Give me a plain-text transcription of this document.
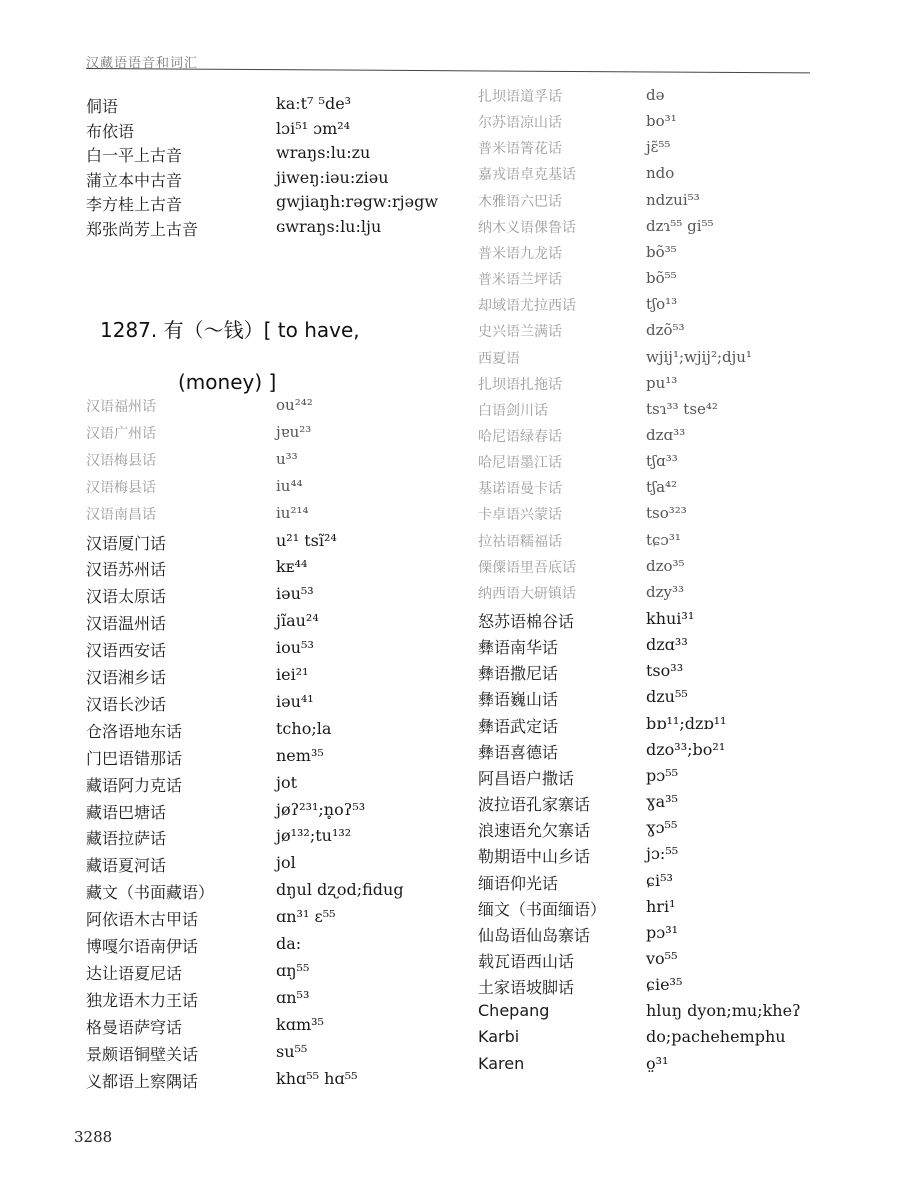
汉藏语语音和词汇
侗语	kaːt⁷ ⁵de³
布依语	lɔi⁵¹ ɔm²⁴
白一平上古音	wraŋs:lu:zu
蒲立本中古音	jiweŋ:iəu:ziəu
李方桂上古音	gwjiaŋh:rəgw:rjəgw
郑张尚芳上古音	ɢwraŋs:lu:lju
汉语福州话	ou²⁴²
汉语广州话	jɐu²³
汉语梅县话	u³³
汉语梅县话	iu⁴⁴
汉语南昌话	iu²¹⁴
汉语厦门话	u²¹ tsĩ²⁴
汉语苏州话	kᴇ⁴⁴
汉语太原话	iəu⁵³
汉语温州话	jĩau²⁴
汉语西安话	iou⁵³
汉语湘乡话	iei²¹
汉语长沙话	iəu⁴¹
仓洛语地东话	tcho;la
门巴语错那话	nem³⁵
藏语阿力克话	jot
藏语巴塘话	jøʔ²³¹;n̥oʔ⁵³
藏语拉萨话	jø¹³²;tu¹³²
藏语夏河话	jol
藏文（书面藏语）	dŋul dʐod;fidug
阿依语木古甲话	ɑn³¹ ɛ⁵⁵
博嘎尔语南伊话	da:
达让语夏尼话	ɑŋ⁵⁵
独龙语木力王话	ɑn⁵³
格曼语萨穹话	kɑm³⁵
景颇语铜壁关话	su⁵⁵
义都语上察隅话	khɑ⁵⁵ hɑ⁵⁵
1287. 有（～钱）[ to have,
(money) ]
扎坝语道孚话	də
尔苏语凉山话	bo³¹
普米语箐花话	jɛ̃⁵⁵
嘉戎语卓克基话	ndo
木雅语六巴话	ndzui⁵³
纳木义语倮鲁话	dzɿ⁵⁵ gi⁵⁵
普米语九龙话	bõ³⁵
普米语兰坪话	bõ⁵⁵
却域语尤拉西话	tʃo¹³
史兴语兰满话	dzõ⁵³
西夏语	wjij¹;wjij²;dju¹
扎坝语扎拖话	pu¹³
白语剑川话	tsɿ³³ tse⁴²
哈尼语绿春话	dzɑ³³
哈尼语墨江话	tʃɑ³³
基诺语曼卡话	tʃa⁴²
卡卓语兴蒙话	tso³²³
拉祜语糯福话	tɕɔ³¹
傈僳语里吾底话	dzo³⁵
纳西语大研镇话	dzy³³
怒苏语棉谷话	khui³¹
彝语南华话	dzɑ³³
彝语撒尼话	tso³³
彝语巍山话	dzu⁵⁵
彝语武定话	bɒ¹¹;dzɒ¹¹
彝语喜德话	dzo³³;bo²¹
阿昌语户撒话	pɔ⁵⁵
波拉语孔家寨话	ɣa³⁵
浪速语允欠寨话	ɣɔ⁵⁵
勒期语中山乡话	jɔ:⁵⁵
缅语仰光话	ɕi⁵³
缅文（书面缅语） hri¹
仙岛语仙岛寨话	pɔ³¹
载瓦语西山话	vo⁵⁵
土家语坡脚话	ɕie³⁵
Chepang	hluŋ dyon;mu;kheʔ
Karbi	do;pachehemphu
Karen	o̤³¹
3288
